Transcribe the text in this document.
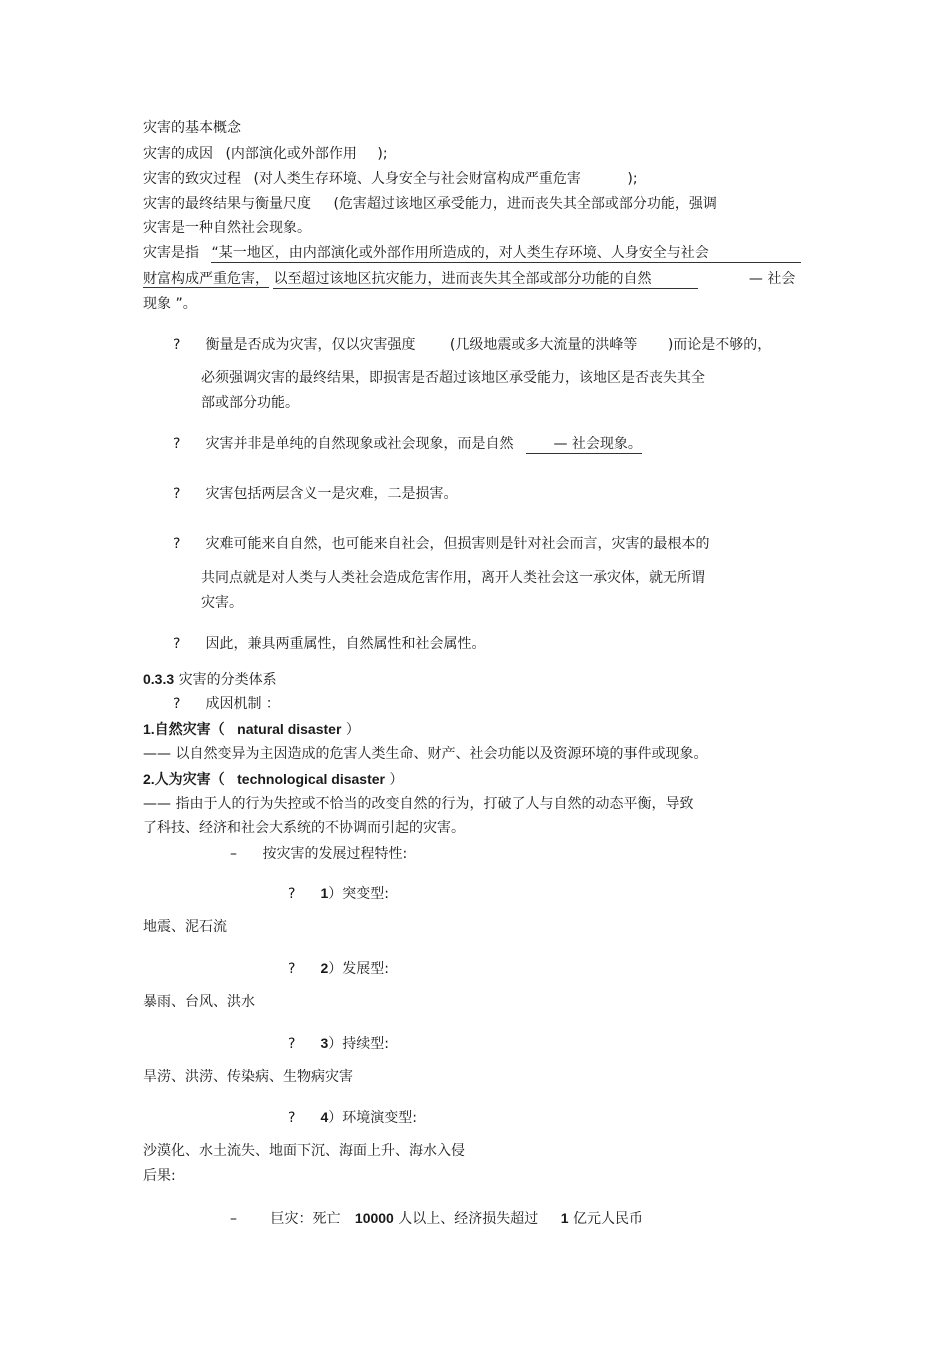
灾害的基本概念
灾害的成因 (内部演化或外部作用 );
灾害的致灾过程 (对人类生存环境、人身安全与社会财富构成严重危害	);
灾害的最终结果与衡量尺度 (危害超过该地区承受能力，进而丧失其全部或部分功能，强调
灾害是一种自然社会现象。
灾害是指 “某一地区，由内部演化或外部作用所造成的，对人类生存环境、人身安全与社会
财富构成严重危害， 以至超过该地区抗灾能力，进而丧失其全部或部分功能的自然	— 社会
现象 ”。
? 衡量是否成为灾害，仅以灾害强度 (几级地震或多大流量的洪峰等 )而论是不够的，
必须强调灾害的最终结果，即损害是否超过该地区承受能力，该地区是否丧失其全
部或部分功能。
? 灾害并非是单纯的自然现象或社会现象，而是自然	— 社会现象。
? 灾害包括两层含义一是灾难，二是损害。
? 灾难可能来自自然，也可能来自社会，但损害则是针对社会而言，灾害的最根本的
共同点就是对人类与人类社会造成危害作用，离开人类社会这一承灾体，就无所谓
灾害。
? 因此，兼具两重属性，自然属性和社会属性。
0.3.3 灾害的分类体系
? 成因机制 ：
1.自然灾害（ natural disaster ）
—— 以自然变异为主因造成的危害人类生命、财产、社会功能以及资源环境的事件或现象。
2.人为灾害（ technological disaster ）
—— 指由于人的行为失控或不恰当的改变自然的行为，打破了人与自然的动态平衡，导致
了科技、经济和社会大系统的不协调而引起的灾害。
– 按灾害的发展过程特性:
? 1）突变型:
地震、泥石流
? 2）发展型:
暴雨、台风、洪水
? 3）持续型:
旱涝、洪涝、传染病、生物病灾害
? 4）环境演变型:
沙漠化、水土流失、地面下沉、海面上升、海水入侵
后果:
– 巨灾：死亡 10000 人以上、经济损失超过 1 亿元人民币
